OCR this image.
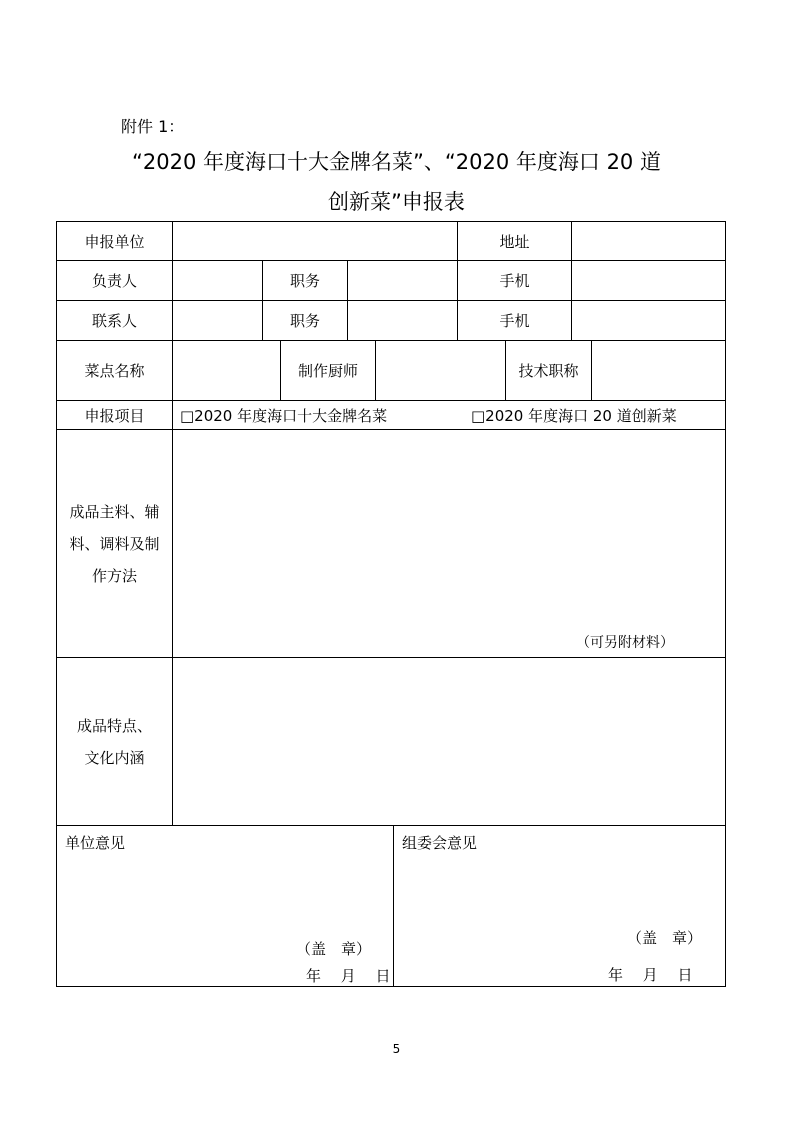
附件 1：
“2020 年度海口十大金牌名菜”、“2020 年度海口 20 道
创新菜”申报表
申报单位	地址
负责人	职务	手机
联系人	职务	手机
菜点名称	制作厨师	技术职称
申报项目	□2020 年度海口十大金牌名菜	□2020 年度海口 20 道创新菜
成品主料、辅
料、调料及制
作方法
（可另附材料）
成品特点、
文化内涵
单位意见
（盖　章）
年　 月　 日
组委会意见
（盖　章）
年　 月　 日
5
